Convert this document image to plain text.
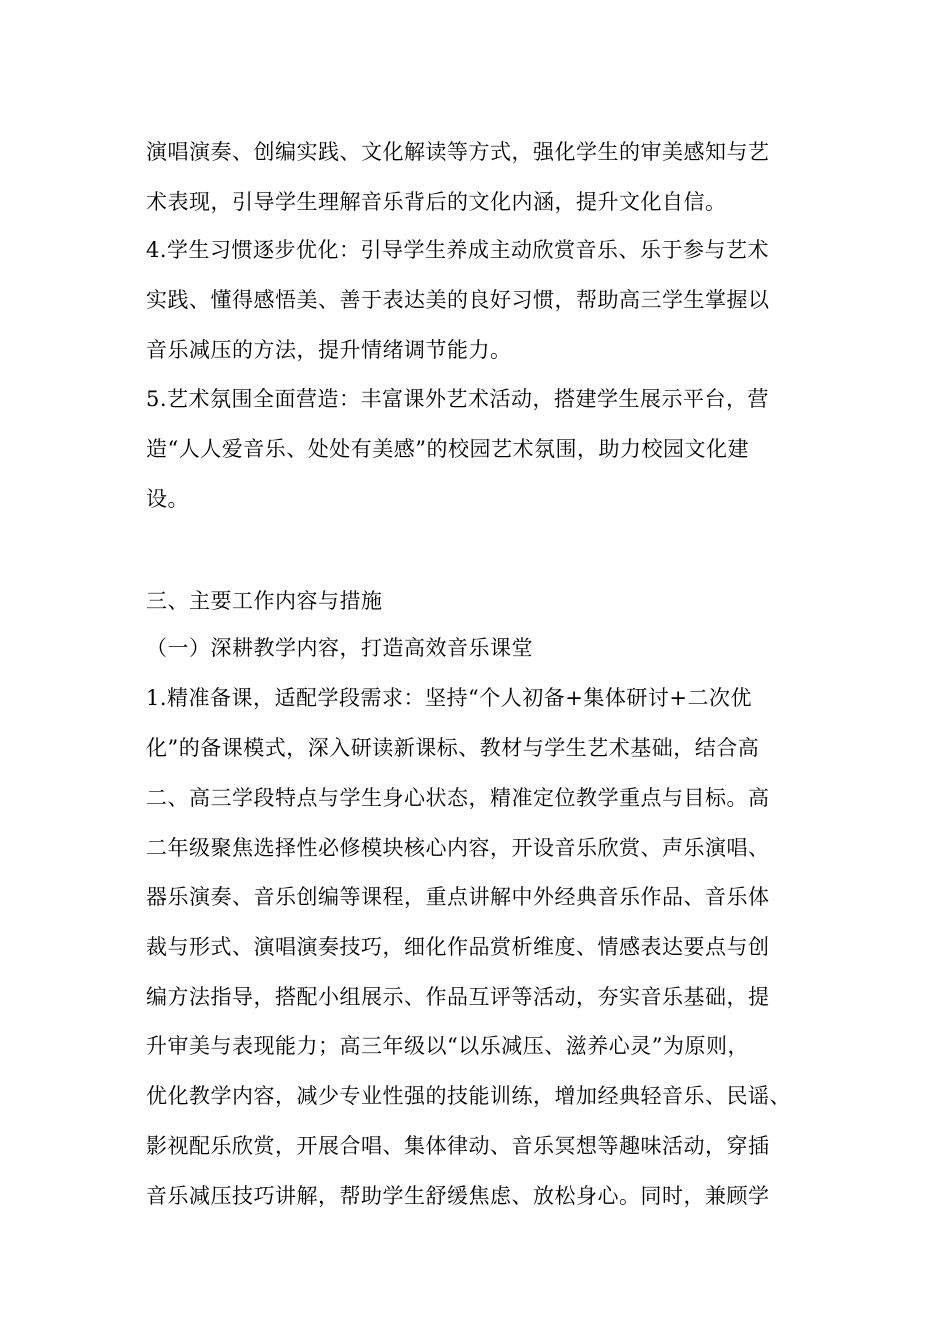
演唱演奏、创编实践、文化解读等方式，强化学生的审美感知与艺
术表现，引导学生理解音乐背后的文化内涵，提升文化自信。
4.学生习惯逐步优化：引导学生养成主动欣赏音乐、乐于参与艺术
实践、懂得感悟美、善于表达美的良好习惯，帮助高三学生掌握以
音乐减压的方法，提升情绪调节能力。
5.艺术氛围全面营造：丰富课外艺术活动，搭建学生展示平台，营
造“人人爱音乐、处处有美感”的校园艺术氛围，助力校园文化建
设。
三、主要工作内容与措施
（一）深耕教学内容，打造高效音乐课堂
1.精准备课，适配学段需求：坚持“个人初备+集体研讨+二次优
化”的备课模式，深入研读新课标、教材与学生艺术基础，结合高
二、高三学段特点与学生身心状态，精准定位教学重点与目标。高
二年级聚焦选择性必修模块核心内容，开设音乐欣赏、声乐演唱、
器乐演奏、音乐创编等课程，重点讲解中外经典音乐作品、音乐体
裁与形式、演唱演奏技巧，细化作品赏析维度、情感表达要点与创
编方法指导，搭配小组展示、作品互评等活动，夯实音乐基础，提
升审美与表现能力；高三年级以“以乐减压、滋养心灵”为原则，
优化教学内容，减少专业性强的技能训练，增加经典轻音乐、民谣、
影视配乐欣赏，开展合唱、集体律动、音乐冥想等趣味活动，穿插
音乐减压技巧讲解，帮助学生舒缓焦虑、放松身心。同时，兼顾学
